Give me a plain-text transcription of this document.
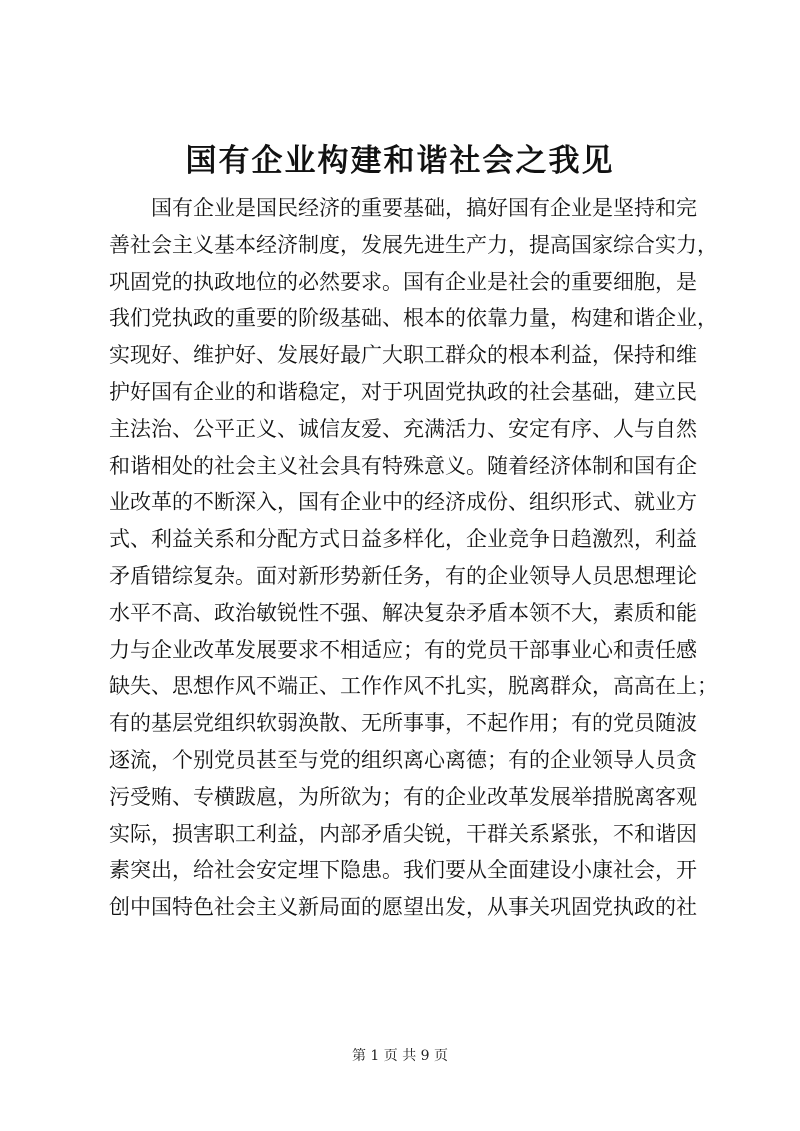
国有企业构建和谐社会之我见
国有企业是国民经济的重要基础，搞好国有企业是坚持和完
善社会主义基本经济制度，发展先进生产力，提高国家综合实力，
巩固党的执政地位的必然要求。国有企业是社会的重要细胞，是
我们党执政的重要的阶级基础、根本的依靠力量，构建和谐企业，
实现好、维护好、发展好最广大职工群众的根本利益，保持和维
护好国有企业的和谐稳定，对于巩固党执政的社会基础，建立民
主法治、公平正义、诚信友爱、充满活力、安定有序、人与自然
和谐相处的社会主义社会具有特殊意义。随着经济体制和国有企
业改革的不断深入，国有企业中的经济成份、组织形式、就业方
式、利益关系和分配方式日益多样化，企业竞争日趋激烈，利益
矛盾错综复杂。面对新形势新任务，有的企业领导人员思想理论
水平不高、政治敏锐性不强、解决复杂矛盾本领不大，素质和能
力与企业改革发展要求不相适应；有的党员干部事业心和责任感
缺失、思想作风不端正、工作作风不扎实，脱离群众，高高在上；
有的基层党组织软弱涣散、无所事事，不起作用；有的党员随波
逐流，个别党员甚至与党的组织离心离德；有的企业领导人员贪
污受贿、专横跋扈，为所欲为；有的企业改革发展举措脱离客观
实际，损害职工利益，内部矛盾尖锐，干群关系紧张，不和谐因
素突出，给社会安定埋下隐患。我们要从全面建设小康社会，开
创中国特色社会主义新局面的愿望出发，从事关巩固党执政的社
第 1 页 共 9 页
